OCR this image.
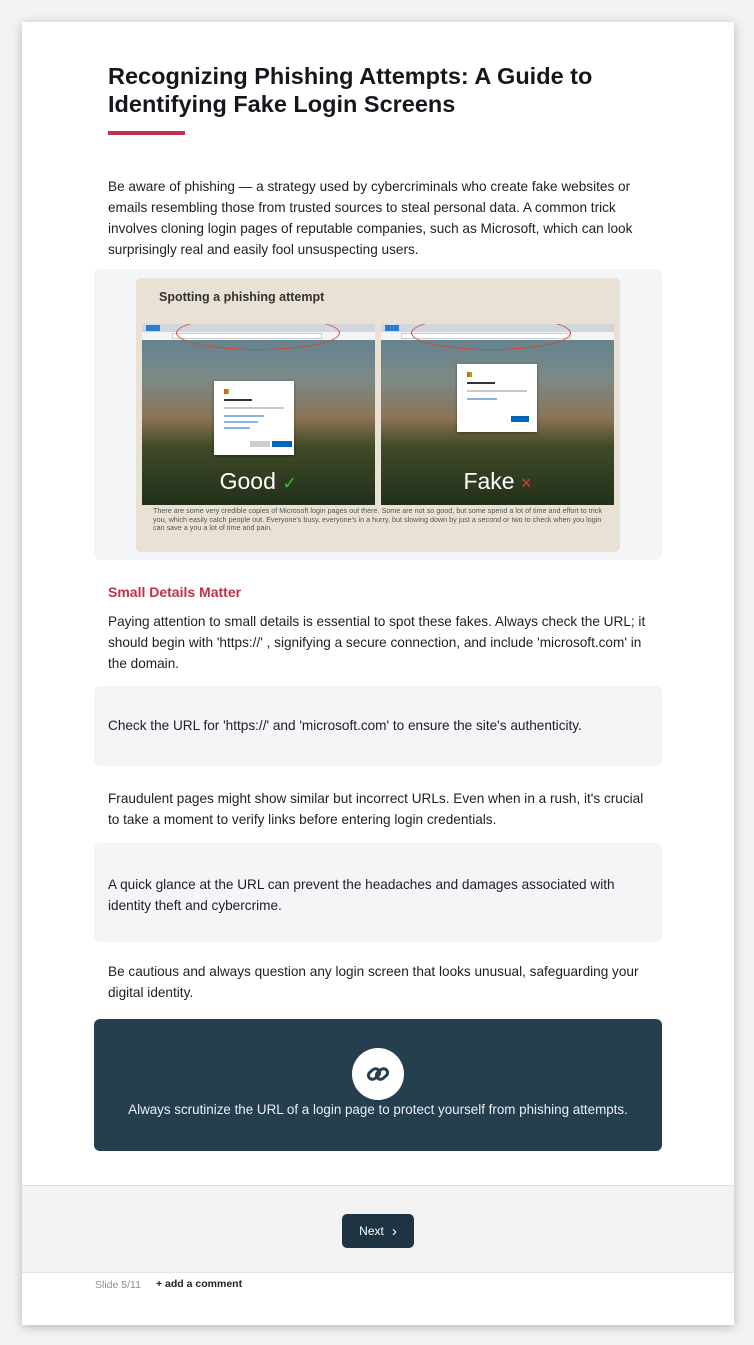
Recognizing Phishing Attempts: A Guide to Identifying Fake Login Screens

Be aware of phishing — a strategy used by cybercriminals who create fake websites or emails resembling those from trusted sources to steal personal data. A common trick involves cloning login pages of reputable companies, such as Microsoft, which can look surprisingly real and easily fool unsuspecting users.

Spotting a phishing attempt
Good ✓	Fake ×
There are some very credible copies of Microsoft login pages out there. Some are not so good, but some spend a lot of time and effort to trick you, which easily catch people out. Everyone's busy, everyone's in a hurry, but slowing down by just a second or two to check when you login can save a you a lot of time and pain.
Small Details Matter

Paying attention to small details is essential to spot these fakes. Always check the URL; it should begin with 'https://' , signifying a secure connection, and include 'microsoft.com' in the domain.

Check the URL for 'https://' and 'microsoft.com' to ensure the site's authenticity.

Fraudulent pages might show similar but incorrect URLs. Even when in a rush, it's crucial to take a moment to verify links before entering login credentials.

A quick glance at the URL can prevent the headaches and damages associated with identity theft and cybercrime.

Be cautious and always question any login screen that looks unusual, safeguarding your digital identity.

Always scrutinize the URL of a login page to protect yourself from phishing attempts.

Next ›
Slide 5/11 + add a comment
